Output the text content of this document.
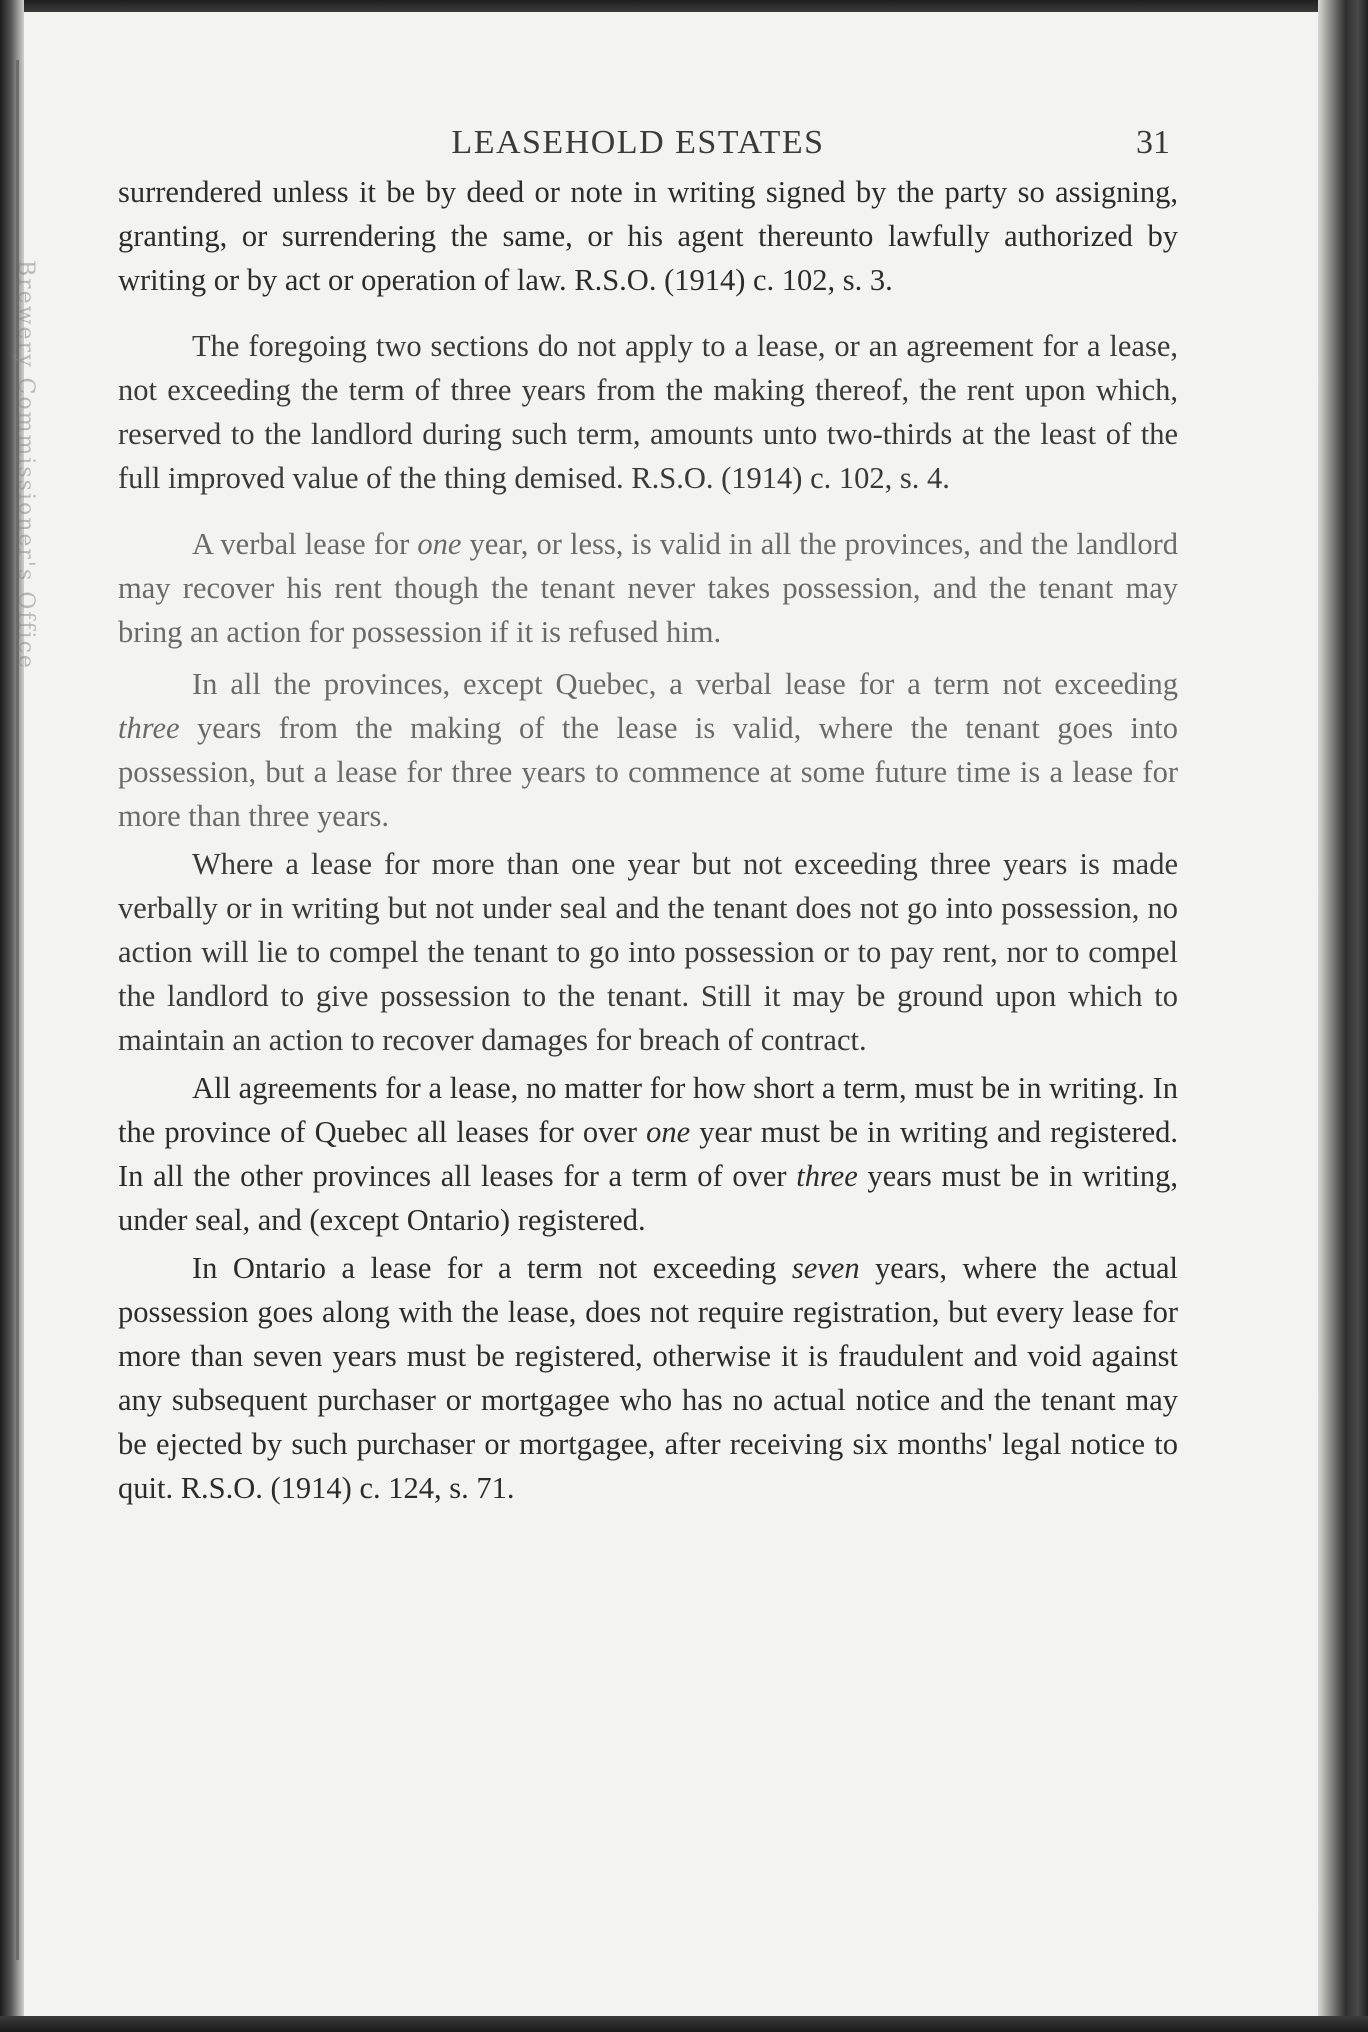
Brewery Commissioner's Office
LEASEHOLD ESTATES	31

surrendered unless it be by deed or note in writing signed by the party so assigning, granting, or surrendering the same, or his agent thereunto lawfully authorized by writing or by act or operation of law. R.S.O. (1914) c. 102, s. 3.

The foregoing two sections do not apply to a lease, or an agreement for a lease, not exceeding the term of three years from the making thereof, the rent upon which, reserved to the landlord during such term, amounts unto two-thirds at the least of the full improved value of the thing demised. R.S.O. (1914) c. 102, s. 4.

A verbal lease for one year, or less, is valid in all the provinces, and the landlord may recover his rent though the tenant never takes possession, and the tenant may bring an action for possession if it is refused him.

In all the provinces, except Quebec, a verbal lease for a term not exceeding three years from the making of the lease is valid, where the tenant goes into possession, but a lease for three years to commence at some future time is a lease for more than three years.

Where a lease for more than one year but not exceeding three years is made verbally or in writing but not under seal and the tenant does not go into possession, no action will lie to compel the tenant to go into possession or to pay rent, nor to compel the landlord to give possession to the tenant. Still it may be ground upon which to maintain an action to recover damages for breach of contract.

All agreements for a lease, no matter for how short a term, must be in writing. In the province of Quebec all leases for over one year must be in writing and registered. In all the other provinces all leases for a term of over three years must be in writing, under seal, and (except Ontario) registered.

In Ontario a lease for a term not exceeding seven years, where the actual possession goes along with the lease, does not require registration, but every lease for more than seven years must be registered, otherwise it is fraudulent and void against any subsequent purchaser or mortgagee who has no actual notice and the tenant may be ejected by such purchaser or mortgagee, after receiving six months' legal notice to quit. R.S.O. (1914) c. 124, s. 71.
